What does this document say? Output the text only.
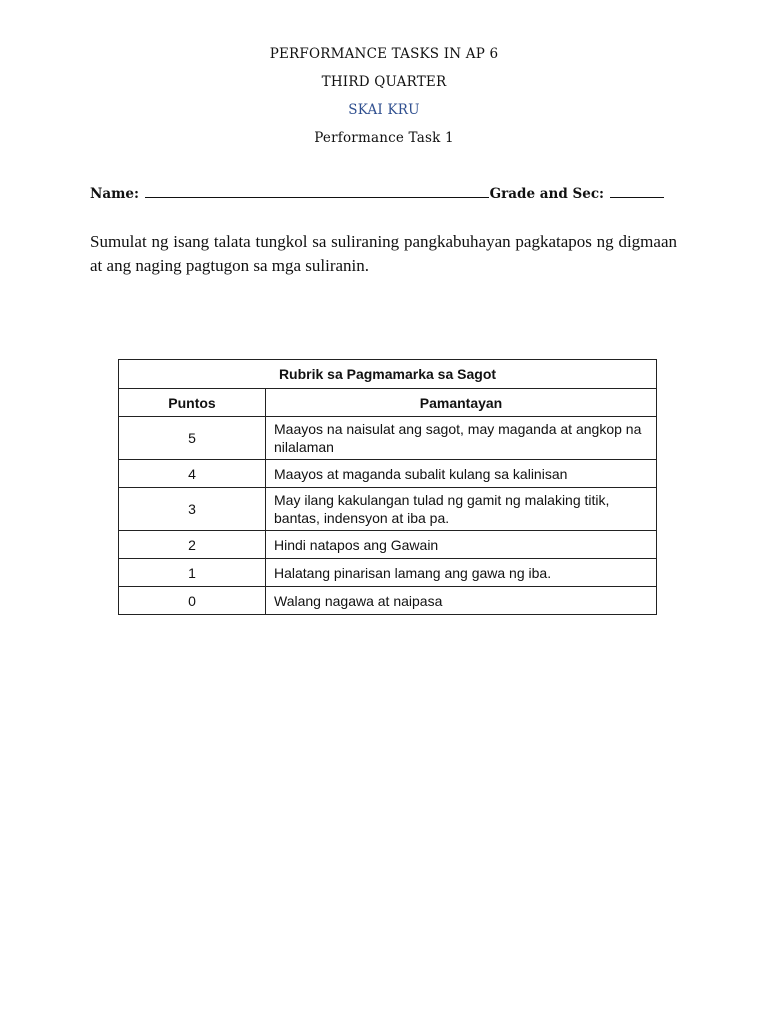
PERFORMANCE TASKS IN AP 6
THIRD QUARTER
SKAI KRU
Performance Task 1
Name:	Grade and Sec:
Sumulat ng isang talata tungkol sa suliraning pangkabuhayan pagkatapos ng digmaan at ang naging pagtugon sa mga suliranin.
Rubrik sa Pagmamarka sa Sagot	
Puntos	Pamantayan
5	Maayos na naisulat ang sagot, may maganda at angkop na nilalaman
4	Maayos at maganda subalit kulang sa kalinisan
3	May ilang kakulangan tulad ng gamit ng malaking titik, bantas, indensyon at iba pa.
2	Hindi natapos ang Gawain
1	Halatang pinarisan lamang ang gawa ng iba.
0	Walang nagawa at naipasa
